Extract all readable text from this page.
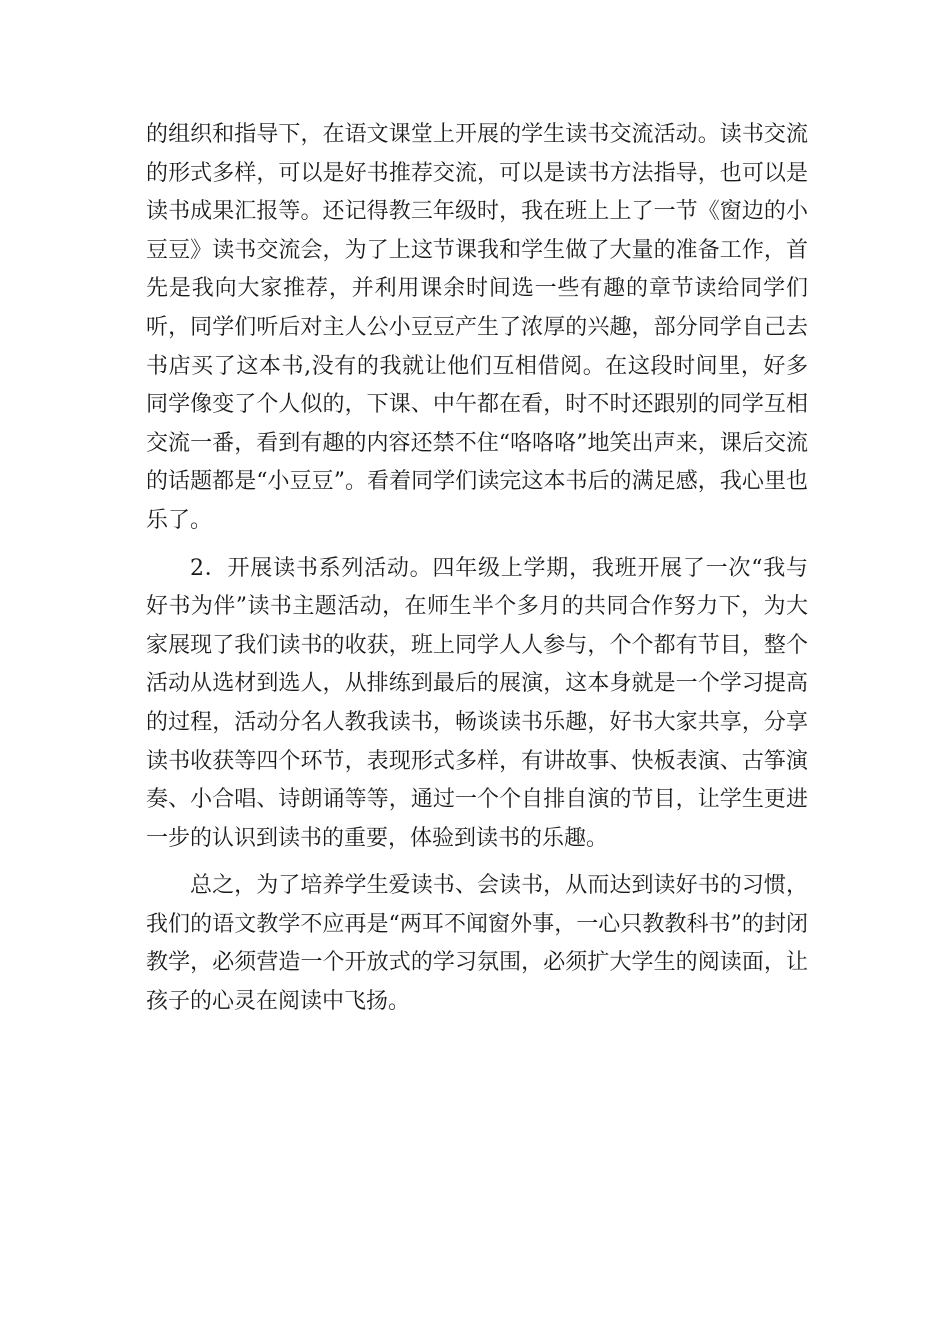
的组织和指导下，在语文课堂上开展的学生读书交流活动。读书交流的形式多样，可以是好书推荐交流，可以是读书方法指导，也可以是读书成果汇报等。还记得教三年级时，我在班上上了一节《窗边的小豆豆》读书交流会，为了上这节课我和学生做了大量的准备工作，首先是我向大家推荐，并利用课余时间选一些有趣的章节读给同学们听，同学们听后对主人公小豆豆产生了浓厚的兴趣，部分同学自己去书店买了这本书,没有的我就让他们互相借阅。在这段时间里，好多同学像变了个人似的，下课、中午都在看，时不时还跟别的同学互相交流一番，看到有趣的内容还禁不住“咯咯咯”地笑出声来，课后交流的话题都是“小豆豆”。看着同学们读完这本书后的满足感，我心里也乐了。

2．开展读书系列活动。四年级上学期，我班开展了一次“我与好书为伴”读书主题活动，在师生半个多月的共同合作努力下，为大家展现了我们读书的收获，班上同学人人参与，个个都有节目，整个活动从选材到选人，从排练到最后的展演，这本身就是一个学习提高的过程，活动分名人教我读书，畅谈读书乐趣，好书大家共享，分享读书收获等四个环节，表现形式多样，有讲故事、快板表演、古筝演奏、小合唱、诗朗诵等等，通过一个个自排自演的节目，让学生更进一步的认识到读书的重要，体验到读书的乐趣。

总之，为了培养学生爱读书、会读书，从而达到读好书的习惯，我们的语文教学不应再是“两耳不闻窗外事，一心只教教科书”的封闭教学，必须营造一个开放式的学习氛围，必须扩大学生的阅读面，让孩子的心灵在阅读中飞扬。
